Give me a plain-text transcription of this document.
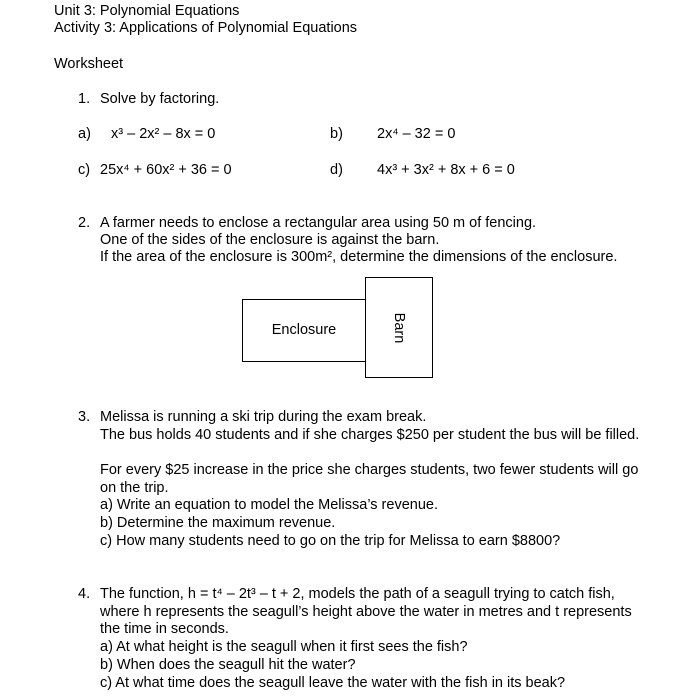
Unit 3: Polynomial Equations
Activity 3: Applications of Polynomial Equations
Worksheet
1. Solve by factoring.
a) x³ – 2x² – 8x = 0	b) 2x⁴ – 32 = 0
c) 25x⁴ + 60x² + 36 = 0	d) 4x³ + 3x² + 8x + 6 = 0
2. A farmer needs to enclose a rectangular area using 50 m of fencing.
One of the sides of the enclosure is against the barn.
If the area of the enclosure is 300m², determine the dimensions of the enclosure.
Enclosure	Barn
3. Melissa is running a ski trip during the exam break.
The bus holds 40 students and if she charges $250 per student the bus will be filled.
For every $25 increase in the price she charges students, two fewer students will go on the trip.
a) Write an equation to model the Melissa’s revenue.
b) Determine the maximum revenue.
c) How many students need to go on the trip for Melissa to earn $8800?
4. The function, h = t⁴ – 2t³ – t + 2, models the path of a seagull trying to catch fish, where h represents the seagull’s height above the water in metres and t represents the time in seconds.
a) At what height is the seagull when it first sees the fish?
b) When does the seagull hit the water?
c) At what time does the seagull leave the water with the fish in its beak?
